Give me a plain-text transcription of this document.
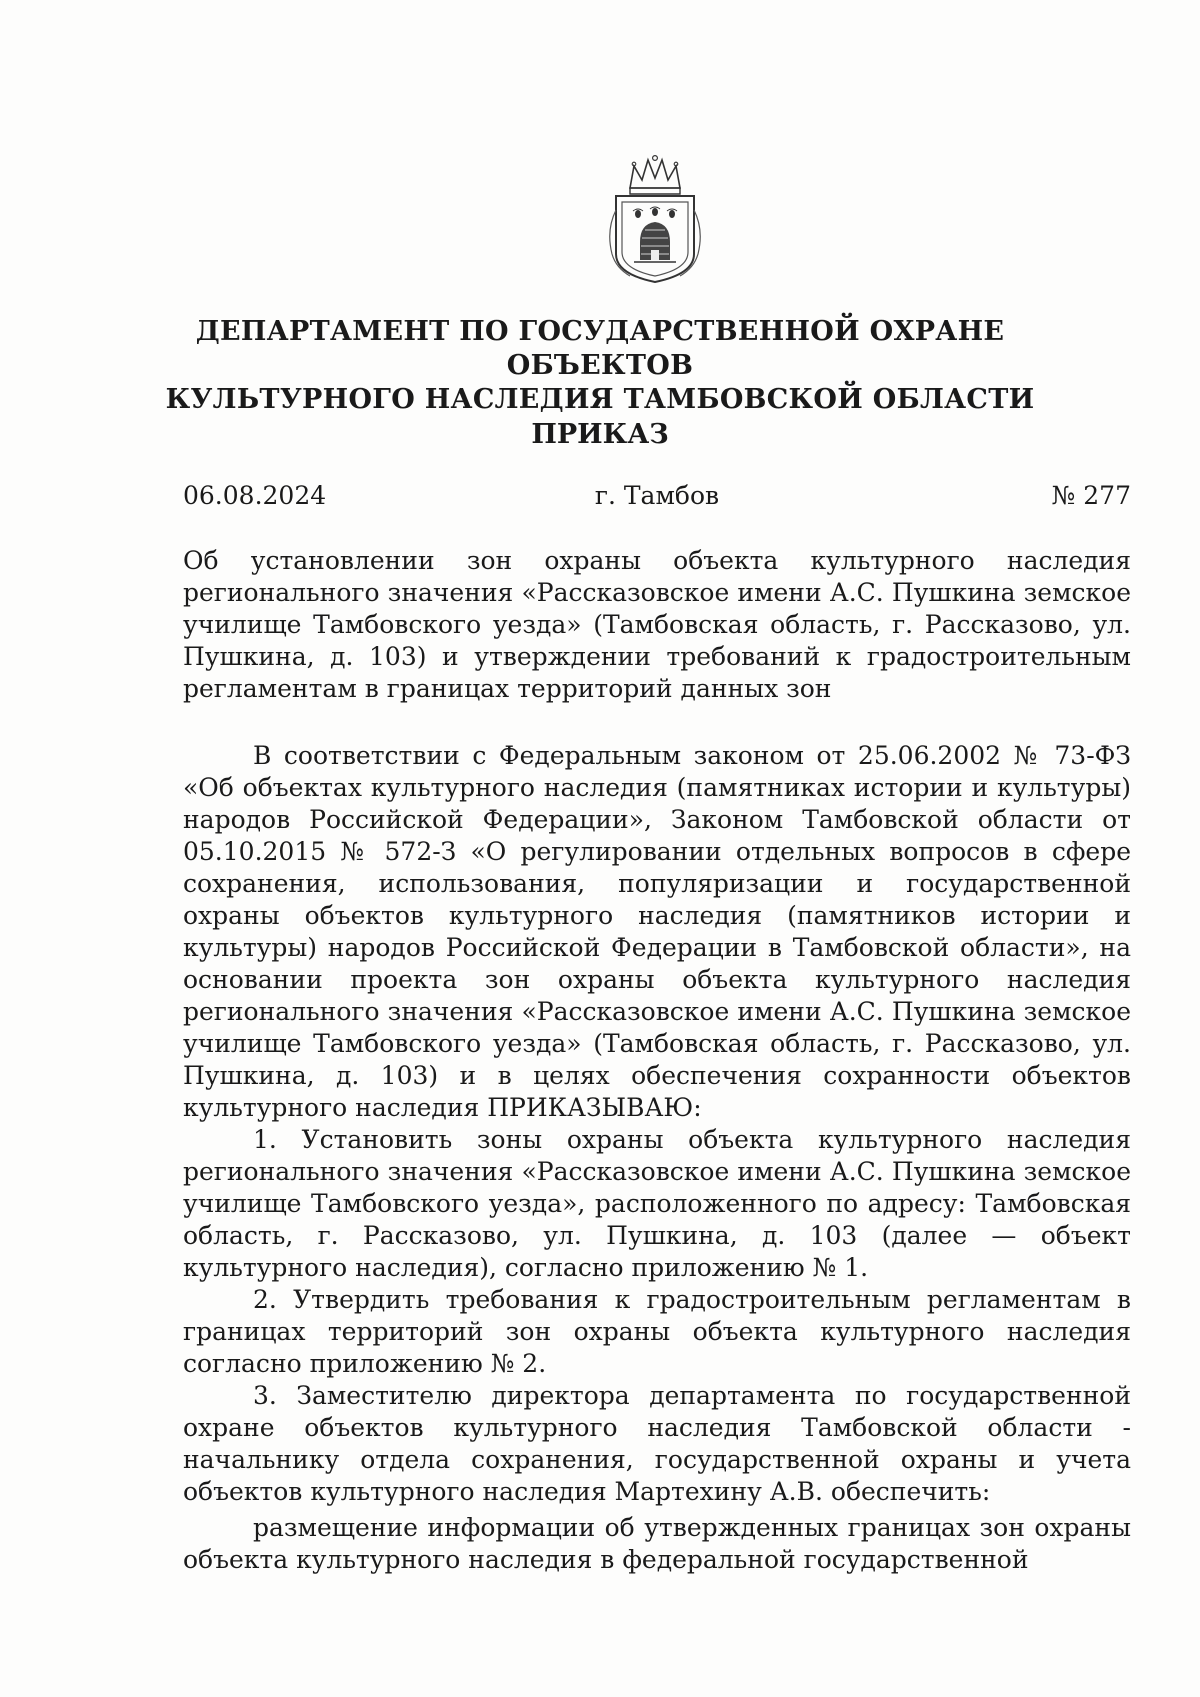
ДЕПАРТАМЕНТ ПО ГОСУДАРСТВЕННОЙ ОХРАНЕ ОБЪЕКТОВ
КУЛЬТУРНОГО НАСЛЕДИЯ ТАМБОВСКОЙ ОБЛАСТИ
ПРИКАЗ
06.08.2024	г. Тамбов	№ 277
Об установлении зон охраны объекта культурного наследия регионального значения «Рассказовское имени А.С. Пушкина земское училище Тамбовского уезда» (Тамбовская область, г. Рассказово, ул. Пушкина, д. 103) и утверждении требований к градостроительным регламентам в границах территорий данных зон

В соответствии с Федеральным законом от 25.06.2002 № 73-ФЗ «Об объектах культурного наследия (памятниках истории и культуры) народов Российской Федерации», Законом Тамбовской области от 05.10.2015 № 572-З «О регулировании отдельных вопросов в сфере сохранения, использования, популяризации и государственной охраны объектов культурного наследия (памятников истории и культуры) народов Российской Федерации в Тамбовской области», на основании проекта зон охраны объекта культурного наследия регионального значения «Рассказовское имени А.С. Пушкина земское училище Тамбовского уезда» (Тамбовская область, г. Рассказово, ул. Пушкина, д. 103) и в целях обеспечения сохранности объектов культурного наследия ПРИКАЗЫВАЮ:

1. Установить зоны охраны объекта культурного наследия регионального значения «Рассказовское имени А.С. Пушкина земское училище Тамбовского уезда», расположенного по адресу: Тамбовская область, г. Рассказово, ул. Пушкина, д. 103 (далее — объект культурного наследия), согласно приложению № 1.

2. Утвердить требования к градостроительным регламентам в границах территорий зон охраны объекта культурного наследия согласно приложению № 2.

3. Заместителю директора департамента по государственной охране объектов культурного наследия Тамбовской области - начальнику отдела сохранения, государственной охраны и учета объектов культурного наследия Мартехину А.В. обеспечить:

размещение информации об утвержденных границах зон охраны объекта культурного наследия в федеральной государственной
